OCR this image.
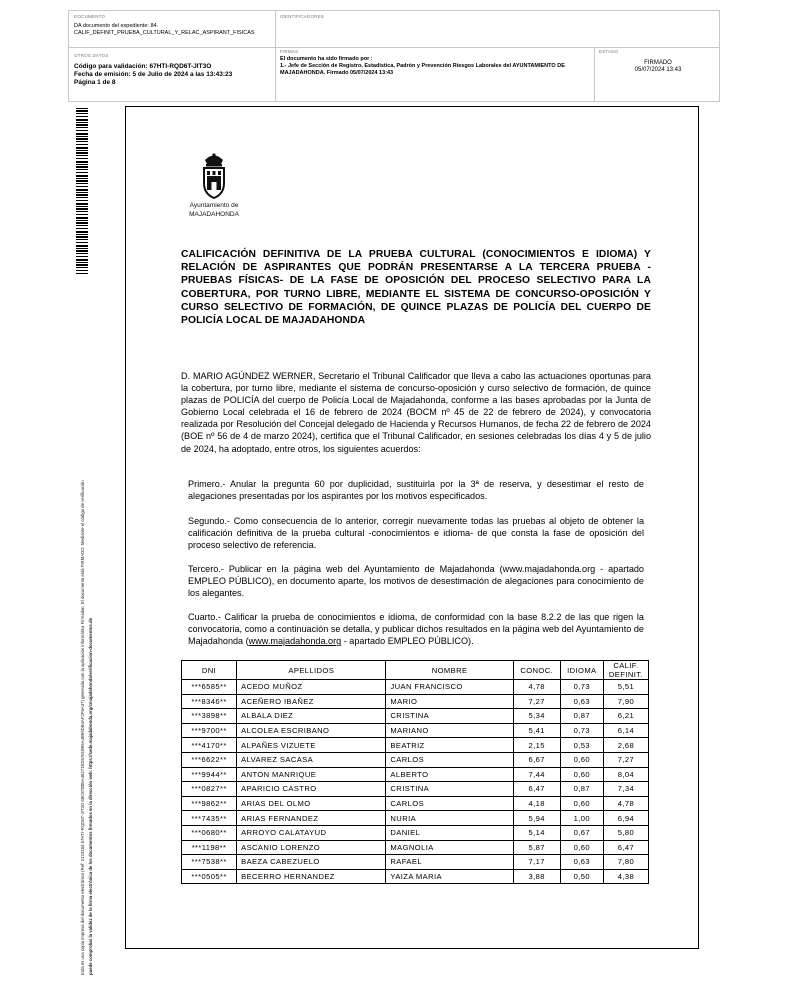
DOCUMENTO
DA documento del expediente: 84. CALIF_DEFINIT_PRUEBA_CULTURAL_Y_RELAC_ASPIRANT_FISICAS
IDENTIFICADORES
OTROS DATOS
Código para validación: 67HTI-RQD6T-JIT3O
Fecha de emisión: 5 de Julio de 2024 a las 13:43:23
Página 1 de 8
FIRMAS
El documento ha sido firmado por :
1.- Jefe de Sección de Registro, Estadística, Padrón y Prevención Riesgos Laborales del AYUNTAMIENTO DE MAJADAHONDA. Firmado 05/07/2024 13:43
ESTADO
FIRMADO
05/07/2024 13:43
Esta es una copia impresa del documento electrónico (Ref: 2123184 67HTI-RQD6T-JIT3O 68C87B05A46271ED5781B96A4B59DB4AF2F6A37) generada con la aplicación informática Firmadoc. El documento está FIRMADO. Mediante el código de verificación puede comprobar la validez de la firma electrónica de los documentos firmados en la dirección web: https://sede.majadahonda.org/cmajadahonda/verificacion-documentos.do
Ayuntamiento de
MAJADAHONDA
CALIFICACIÓN DEFINITIVA DE LA PRUEBA CULTURAL (CONOCIMIENTOS E IDIOMA) Y RELACIÓN DE ASPIRANTES QUE PODRÁN PRESENTARSE A LA TERCERA PRUEBA - PRUEBAS FÍSICAS- DE LA FASE DE OPOSICIÓN DEL PROCESO SELECTIVO PARA LA COBERTURA, POR TURNO LIBRE, MEDIANTE EL SISTEMA DE CONCURSO-OPOSICIÓN Y CURSO SELECTIVO DE FORMACIÓN, DE QUINCE PLAZAS DE POLICÍA DEL CUERPO DE POLICÍA LOCAL DE MAJADAHONDA
D. MARIO AGÚNDEZ WERNER, Secretario el Tribunal Calificador que lleva a cabo las actuaciones oportunas para la cobertura, por turno libre, mediante el sistema de concurso-oposición y curso selectivo de formación, de quince plazas de POLICÍA del cuerpo de Policía Local de Majadahonda, conforme a las bases aprobadas por la Junta de Gobierno Local celebrada el 16 de febrero de 2024 (BOCM nº 45 de 22 de febrero de 2024), y convocatoria realizada por Resolución del Concejal delegado de Hacienda y Recursos Humanos, de fecha 22 de febrero de 2024 (BOE nº 56 de 4 de marzo 2024), certifica que el Tribunal Calificador, en sesiones celebradas los días 4 y 5 de julio de 2024, ha adoptado, entre otros, los siguientes acuerdos:
Primero.- Anular la pregunta 60 por duplicidad, sustituirla por la 3ª de reserva, y desestimar el resto de alegaciones presentadas por los aspirantes por los motivos especificados.
Segundo.- Como consecuencia de lo anterior, corregir nuevamente todas las pruebas al objeto de obtener la calificación definitiva de la prueba cultural -conocimientos e idioma- de que consta la fase de oposición del proceso selectivo de referencia.
Tercero.- Publicar en la página web del Ayuntamiento de Majadahonda (www.majadahonda.org - apartado EMPLEO PÚBLICO), en documento aparte, los motivos de desestimación de alegaciones para conocimiento de los alegantes.
Cuarto.- Calificar la prueba de conocimientos e idioma, de conformidad con la base 8.2.2 de las que rigen la convocatoria, como a continuación se detalla, y publicar dichos resultados en la página web del Ayuntamiento de Majadahonda (www.majadahonda.org - apartado EMPLEO PÚBLICO).
DNI	APELLIDOS	NOMBRE	CONOC.	IDIOMA	CALIF.
DEFINIT.
***6585**	ACEDO MUÑOZ	JUAN FRANCISCO	4,78	0,73	5,51
***8346**	ACEÑERO IBAÑEZ	MARIO	7,27	0,63	7,90
***3898**	ALBALA DIEZ	CRISTINA	5,34	0,87	6,21
***9700**	ALCOLEA ESCRIBANO	MARIANO	5,41	0,73	6,14
***4170**	ALPAÑES VIZUETE	BEATRIZ	2,15	0,53	2,68
***6622**	ALVAREZ SACASA	CARLOS	6,67	0,60	7,27
***9944**	ANTON MANRIQUE	ALBERTO	7,44	0,60	8,04
***0827**	APARICIO CASTRO	CRISTINA	6,47	0,87	7,34
***9862**	ARIAS DEL OLMO	CARLOS	4,18	0,60	4,78
***7435**	ARIAS FERNANDEZ	NURIA	5,94	1,00	6,94
***0680**	ARROYO CALATAYUD	DANIEL	5,14	0,67	5,80
***1198**	ASCANIO LORENZO	MAGNOLIA	5,87	0,60	6,47
***7538**	BAEZA CABEZUELO	RAFAEL	7,17	0,63	7,80
***0505**	BECERRO HERNANDEZ	YAIZA MARIA	3,88	0,50	4,38
